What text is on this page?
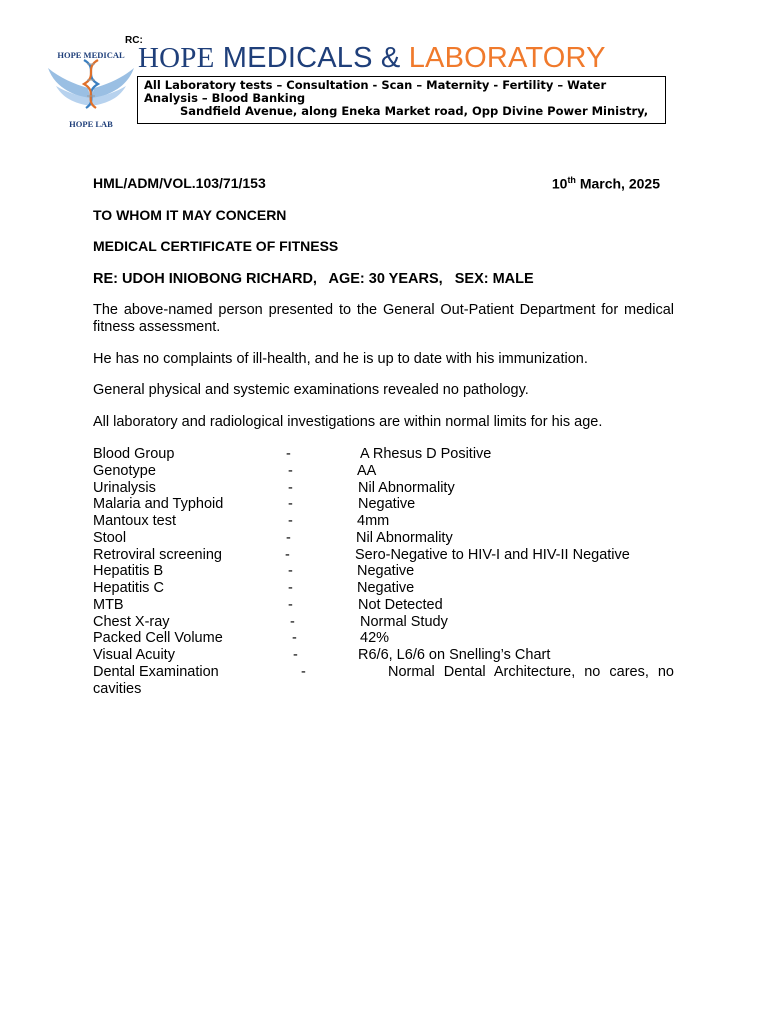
RC:
HOPE MEDICAL
HOPE LAB
HOPE MEDICALS & LABORATORY
All Laboratory tests – Consultation - Scan – Maternity - Fertility – Water Analysis – Blood Banking
Sandfield Avenue, along Eneka Market road, Opp Divine Power Ministry,
HML/ADM/VOL.103/71/153	10th March, 2025
TO WHOM IT MAY CONCERN
MEDICAL CERTIFICATE OF FITNESS
RE: UDOH INIOBONG RICHARD,   AGE: 30 YEARS,   SEX: MALE
The above-named person presented to the General Out-Patient Department for medical fitness assessment.
He has no complaints of ill-health, and he is up to date with his immunization.
General physical and systemic examinations revealed no pathology.
All laboratory and radiological investigations are within normal limits for his age.
Blood Group	-	A Rhesus D Positive
Genotype	-	AA
Urinalysis	-	Nil Abnormality
Malaria and Typhoid	-	Negative
Mantoux test	-	4mm
Stool	-	Nil Abnormality
Retroviral screening	-	Sero-Negative to HIV-I and HIV-II Negative
Hepatitis B	-	Negative
Hepatitis C	-	Negative
MTB	-	Not Detected
Chest X-ray	-	Normal Study
Packed Cell Volume	-	42%
Visual Acuity	-	R6/6, L6/6 on Snelling’s Chart
Dental Examination	-	Normal Dental Architecture, no cares, no
cavities
